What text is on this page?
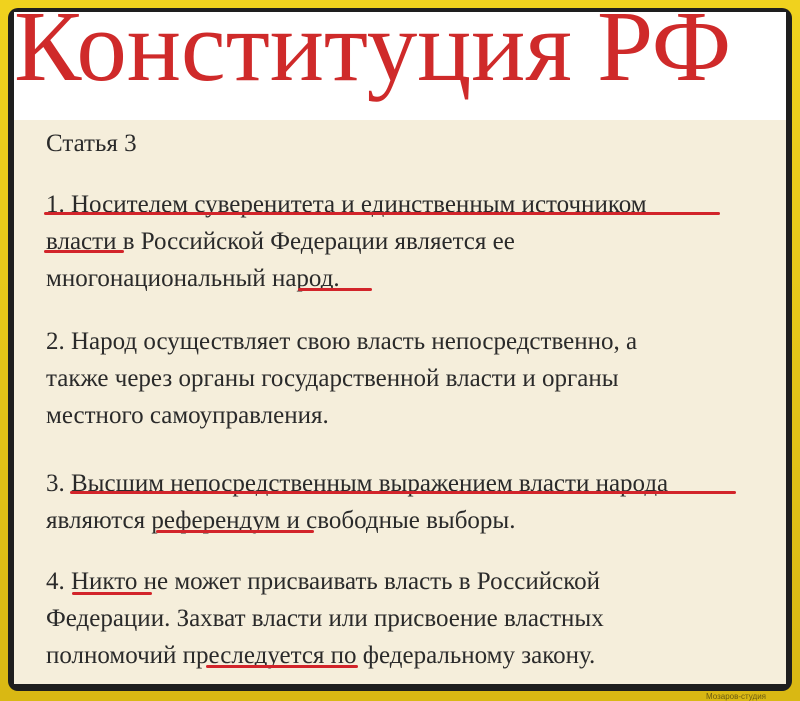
Конституция РФ
Статья 3
1. Носителем суверенитета и единственным источником
власти в Российской Федерации является ее
многонациональный народ.
2. Народ осуществляет свою власть непосредственно, а
также через органы государственной власти и органы
местного самоуправления.
3. Высшим непосредственным выражением власти народа
являются референдум и свободные выборы.
4. Никто не может присваивать власть в Российской
Федерации. Захват власти или присвоение властных
полномочий преследуется по федеральному закону.
Мозаров-студия
